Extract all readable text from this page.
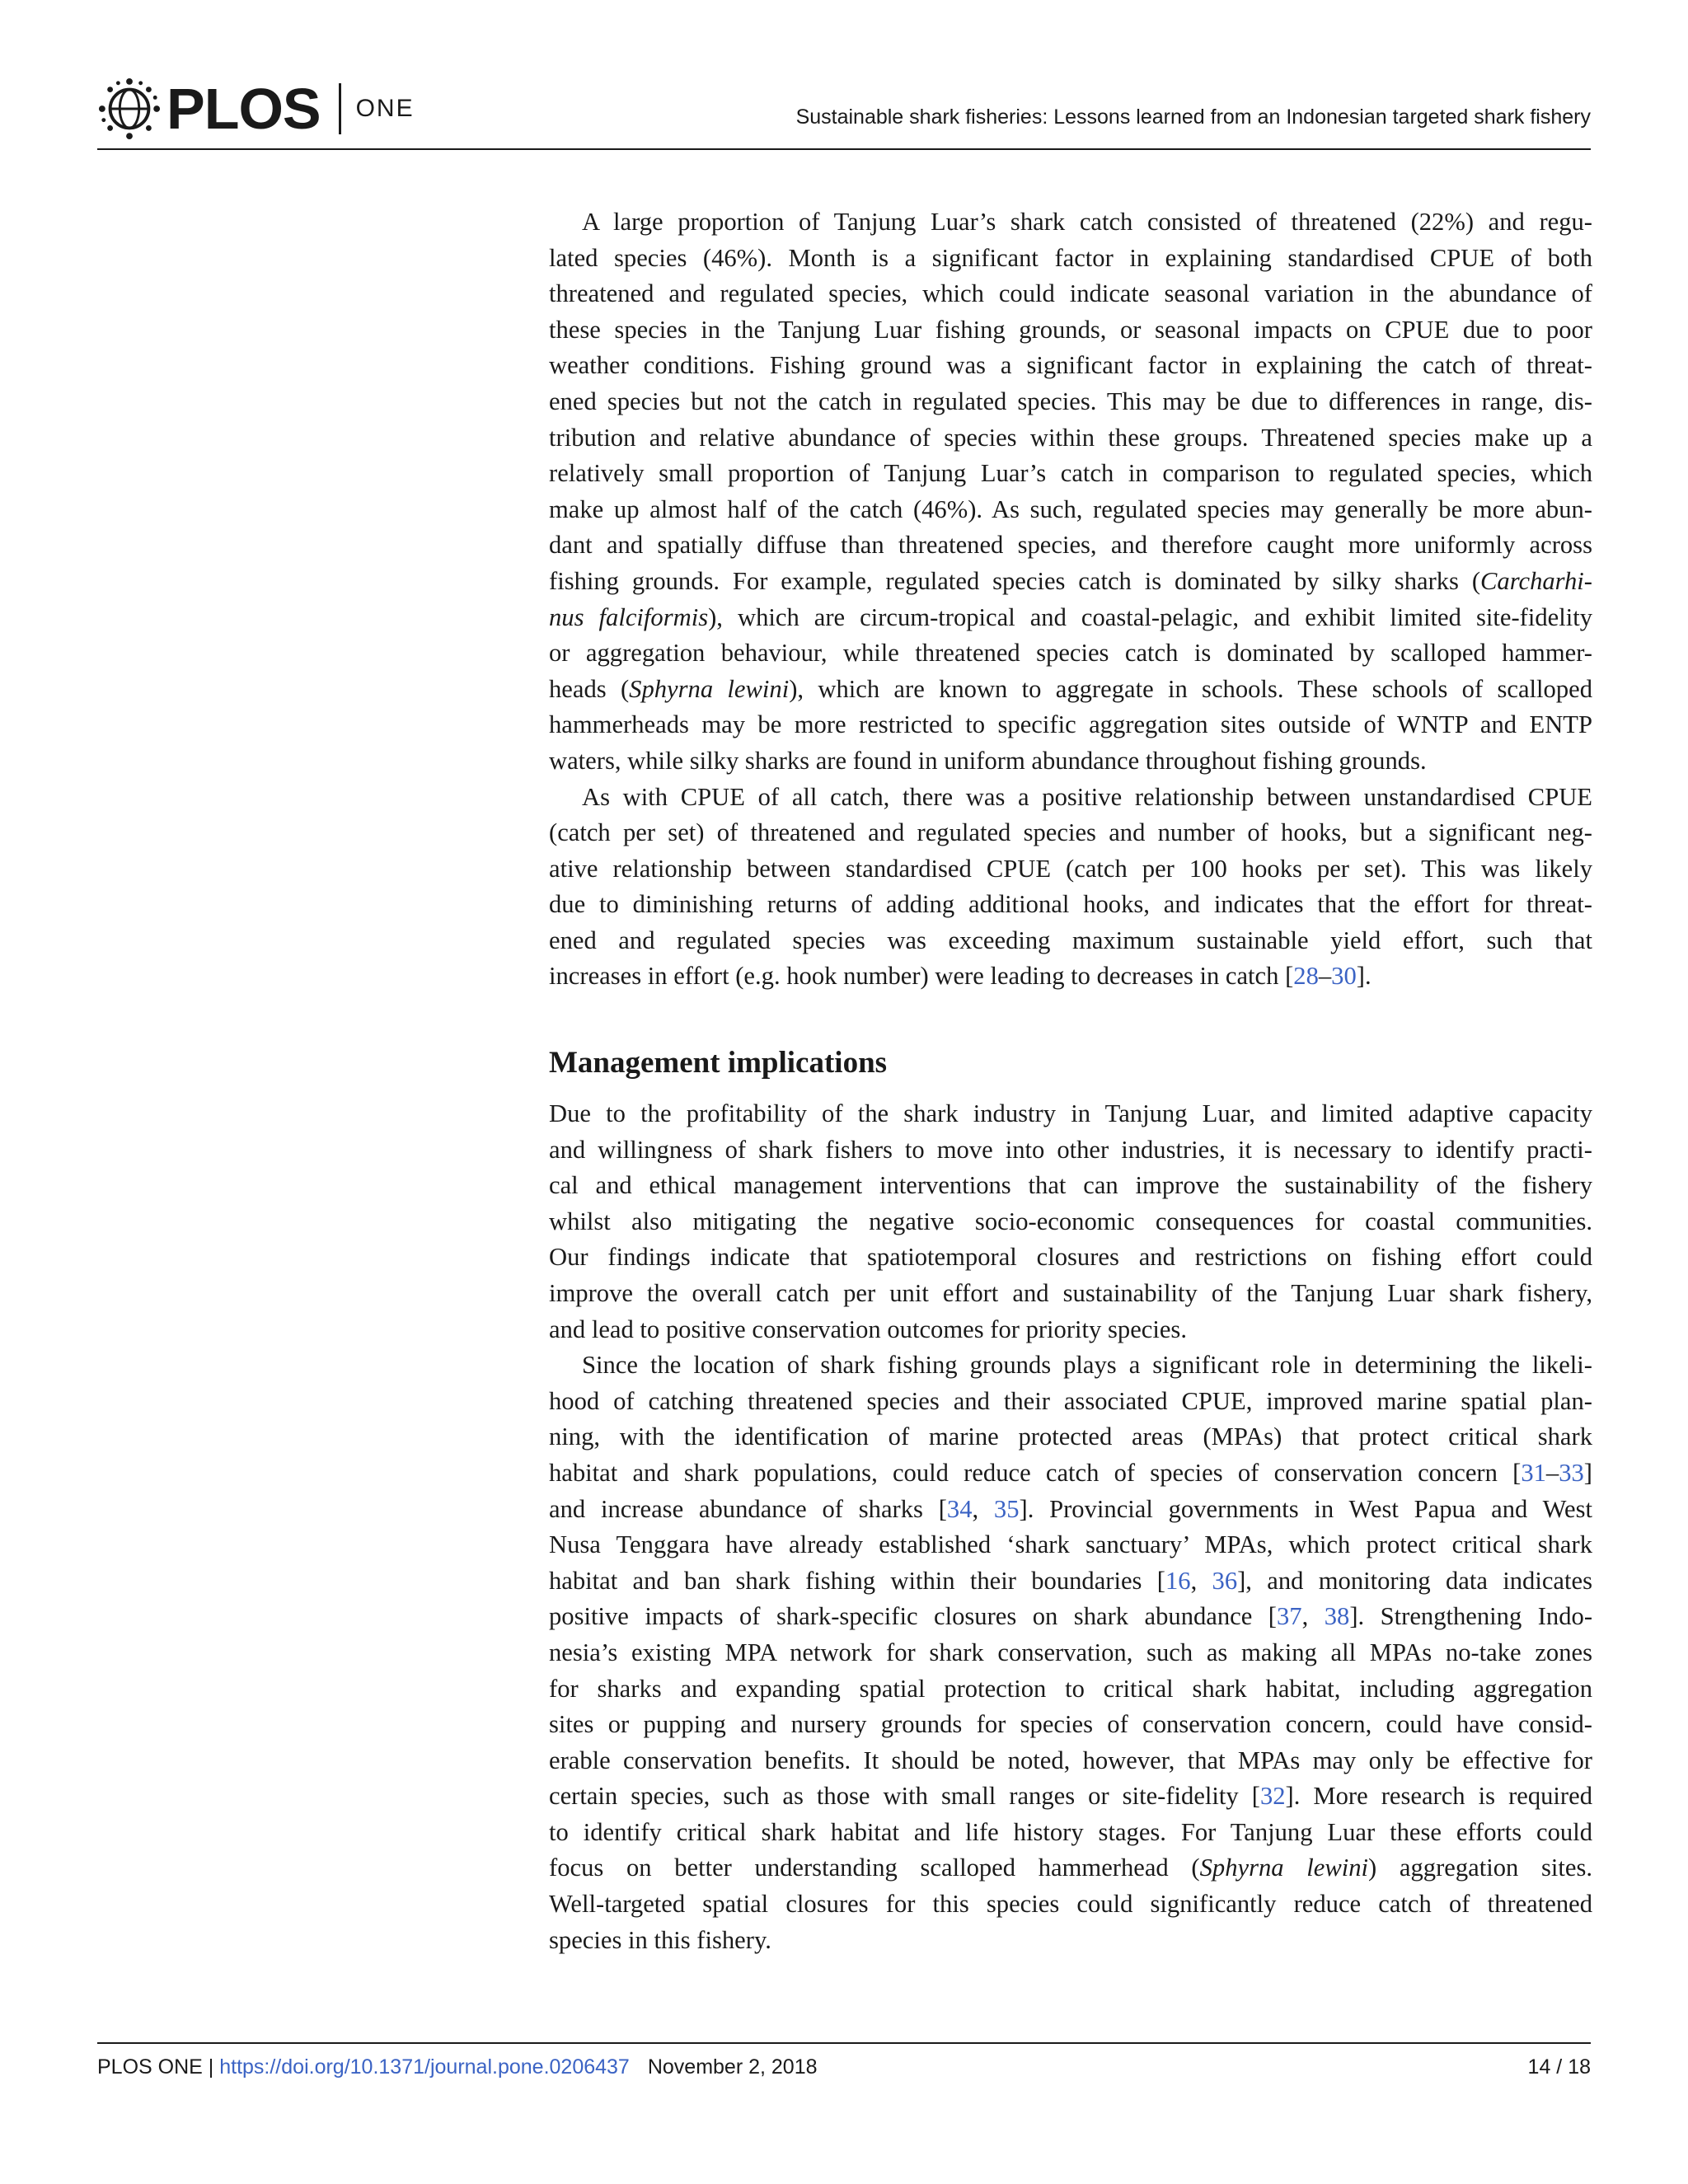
PLOS ONE	Sustainable shark fisheries: Lessons learned from an Indonesian targeted shark fishery
A large proportion of Tanjung Luar’s shark catch consisted of threatened (22%) and regu-
lated species (46%). Month is a significant factor in explaining standardised CPUE of both
threatened and regulated species, which could indicate seasonal variation in the abundance of
these species in the Tanjung Luar fishing grounds, or seasonal impacts on CPUE due to poor
weather conditions. Fishing ground was a significant factor in explaining the catch of threat-
ened species but not the catch in regulated species. This may be due to differences in range, dis-
tribution and relative abundance of species within these groups. Threatened species make up a
relatively small proportion of Tanjung Luar’s catch in comparison to regulated species, which
make up almost half of the catch (46%). As such, regulated species may generally be more abun-
dant and spatially diffuse than threatened species, and therefore caught more uniformly across
fishing grounds. For example, regulated species catch is dominated by silky sharks (Carcharhi-
nus falciformis), which are circum-tropical and coastal-pelagic, and exhibit limited site-fidelity
or aggregation behaviour, while threatened species catch is dominated by scalloped hammer-
heads (Sphyrna lewini), which are known to aggregate in schools. These schools of scalloped
hammerheads may be more restricted to specific aggregation sites outside of WNTP and ENTP
waters, while silky sharks are found in uniform abundance throughout fishing grounds.
As with CPUE of all catch, there was a positive relationship between unstandardised CPUE
(catch per set) of threatened and regulated species and number of hooks, but a significant neg-
ative relationship between standardised CPUE (catch per 100 hooks per set). This was likely
due to diminishing returns of adding additional hooks, and indicates that the effort for threat-
ened and regulated species was exceeding maximum sustainable yield effort, such that
increases in effort (e.g. hook number) were leading to decreases in catch [28–30].
Management implications
Due to the profitability of the shark industry in Tanjung Luar, and limited adaptive capacity
and willingness of shark fishers to move into other industries, it is necessary to identify practi-
cal and ethical management interventions that can improve the sustainability of the fishery
whilst also mitigating the negative socio-economic consequences for coastal communities.
Our findings indicate that spatiotemporal closures and restrictions on fishing effort could
improve the overall catch per unit effort and sustainability of the Tanjung Luar shark fishery,
and lead to positive conservation outcomes for priority species.
Since the location of shark fishing grounds plays a significant role in determining the likeli-
hood of catching threatened species and their associated CPUE, improved marine spatial plan-
ning, with the identification of marine protected areas (MPAs) that protect critical shark
habitat and shark populations, could reduce catch of species of conservation concern [31–33]
and increase abundance of sharks [34, 35]. Provincial governments in West Papua and West
Nusa Tenggara have already established ‘shark sanctuary’ MPAs, which protect critical shark
habitat and ban shark fishing within their boundaries [16, 36], and monitoring data indicates
positive impacts of shark-specific closures on shark abundance [37, 38]. Strengthening Indo-
nesia’s existing MPA network for shark conservation, such as making all MPAs no-take zones
for sharks and expanding spatial protection to critical shark habitat, including aggregation
sites or pupping and nursery grounds for species of conservation concern, could have consid-
erable conservation benefits. It should be noted, however, that MPAs may only be effective for
certain species, such as those with small ranges or site-fidelity [32]. More research is required
to identify critical shark habitat and life history stages. For Tanjung Luar these efforts could
focus on better understanding scalloped hammerhead (Sphyrna lewini) aggregation sites.
Well-targeted spatial closures for this species could significantly reduce catch of threatened
species in this fishery.
PLOS ONE | https://doi.org/10.1371/journal.pone.0206437 November 2, 2018	14 / 18
